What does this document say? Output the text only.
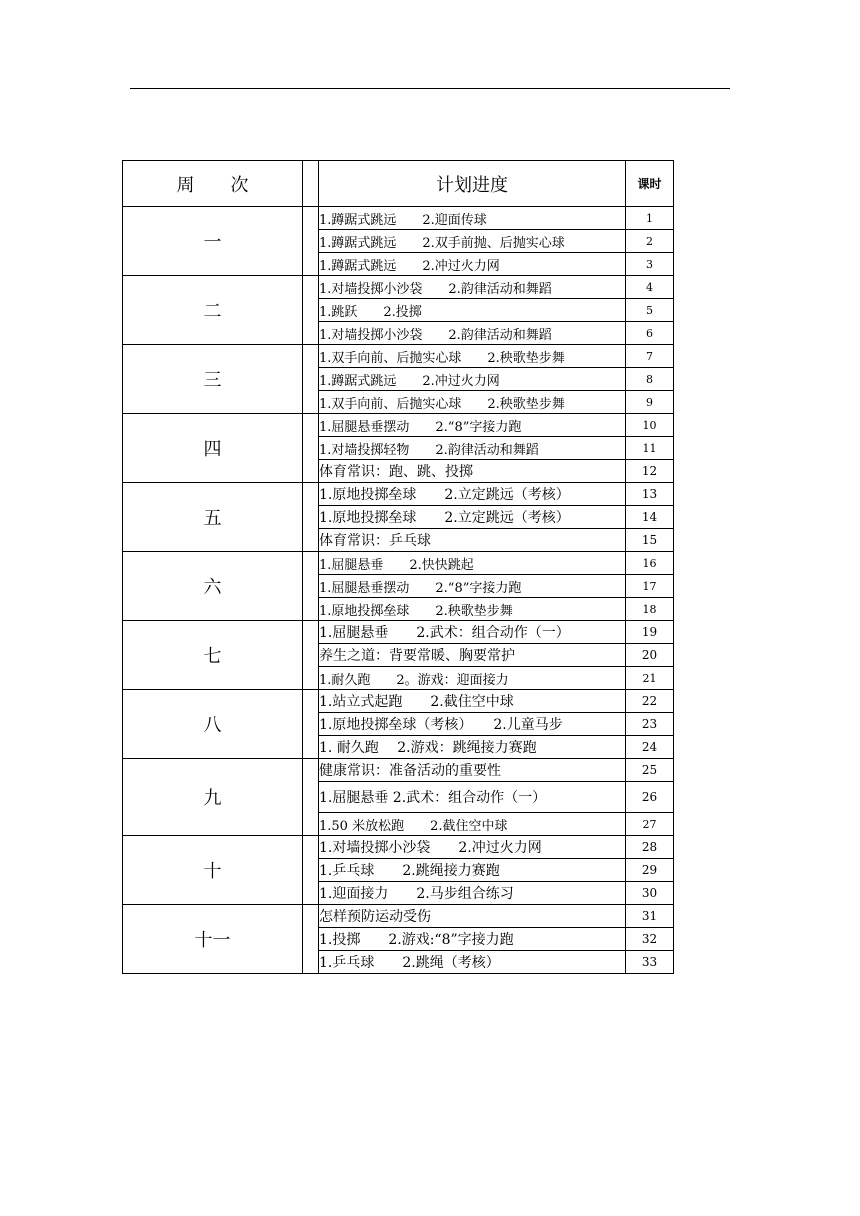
周　　次		计划进度	课时
一		1.蹲踞式跳远　　2.迎面传球	1
		1.蹲踞式跳远　　2.双手前抛、后抛实心球	2
		1.蹲踞式跳远　　2.冲过火力网	3
二		1.对墙投掷小沙袋　　2.韵律活动和舞蹈	4
		1.跳跃　　2.投掷	5
		1.对墙投掷小沙袋　　2.韵律活动和舞蹈	6
三		1.双手向前、后抛实心球　　2.秧歌垫步舞	7
		1.蹲踞式跳远　　2.冲过火力网	8
		1.双手向前、后抛实心球　　2.秧歌垫步舞	9
四		1.屈腿悬垂摆动　　2.“8”字接力跑	10
		1.对墙投掷轻物　　2.韵律活动和舞蹈	11
		体育常识：跑、跳、投掷	12
五		1.原地投掷垒球　　2.立定跳远（考核）	13
		1.原地投掷垒球　　2.立定跳远（考核）	14
		体育常识：乒乓球	15
六		1.屈腿悬垂　　2.快快跳起	16
		1.屈腿悬垂摆动　　2.“8”字接力跑	17
		1.原地投掷垒球　　2.秧歌垫步舞	18
七		1.屈腿悬垂　　2.武术：组合动作（一）	19
		养生之道：背要常暖、胸要常护	20
		1.耐久跑　　2。游戏：迎面接力	21
八		1.站立式起跑　　2.截住空中球	22
		1.原地投掷垒球（考核）　　2.儿童马步	23
		1. 耐久跑　 2.游戏：跳绳接力赛跑	24
九		健康常识：准备活动的重要性	25
		1.屈腿悬垂 2.武术：组合动作（一）	26
		1.50 米放松跑　　2.截住空中球	27
十		1.对墙投掷小沙袋　　2.冲过火力网	28
		1.乒乓球　　2.跳绳接力赛跑	29
		1.迎面接力　　2.马步组合练习	30
十一		怎样预防运动受伤	31
		1.投掷　　2.游戏:“8”字接力跑	32
		1.乒乓球　　2.跳绳（考核）	33
